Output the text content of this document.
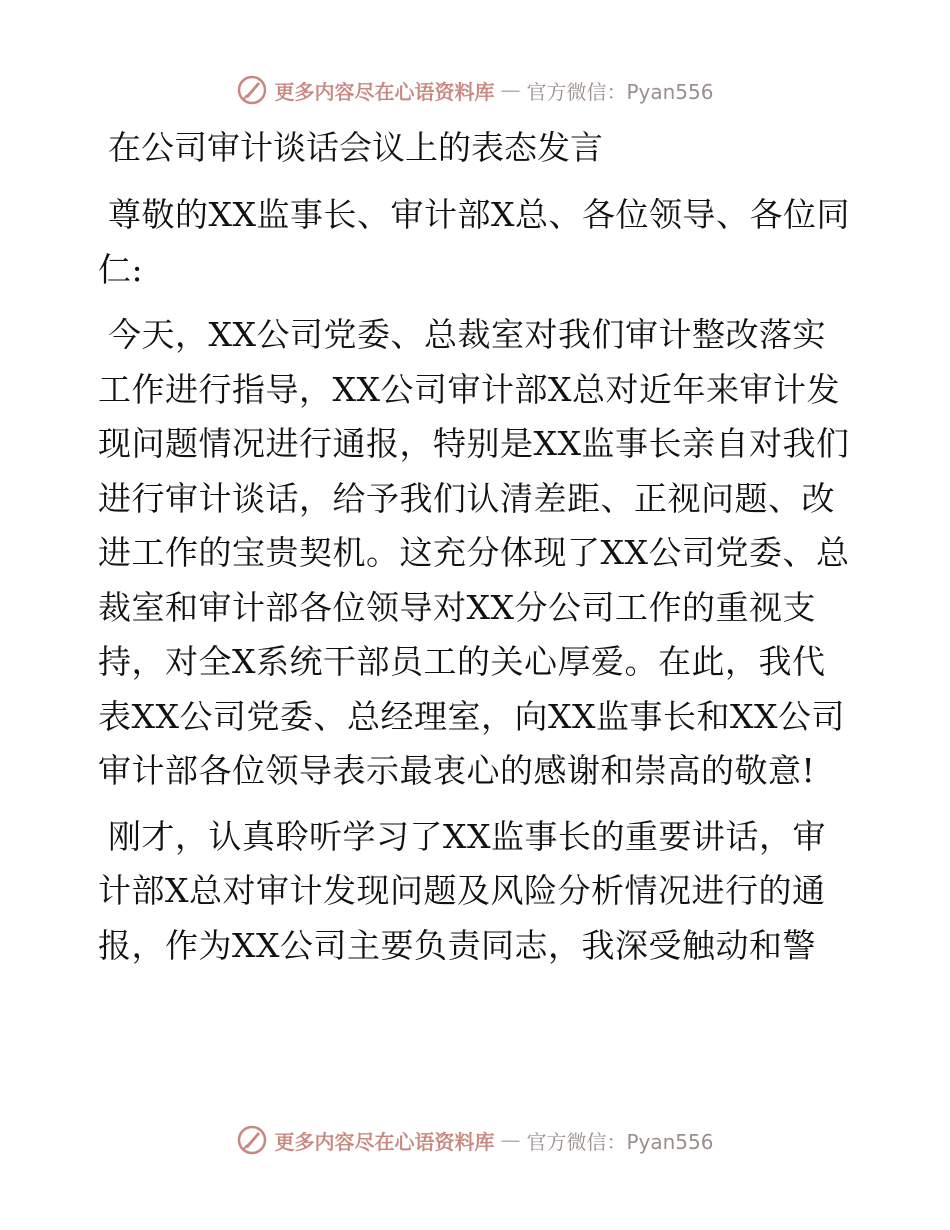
更多内容尽在心语资料库 — 官方微信：Pyan556
在公司审计谈话会议上的表态发言

尊敬的XX监事长、审计部X总、各位领导、各位同仁:

今天，XX公司党委、总裁室对我们审计整改落实工作进行指导，XX公司审计部X总对近年来审计发现问题情况进行通报，特别是XX监事长亲自对我们进行审计谈话，给予我们认清差距、正视问题、改进工作的宝贵契机。这充分体现了XX公司党委、总裁室和审计部各位领导对XX分公司工作的重视支持，对全X系统干部员工的关心厚爱。在此，我代表XX公司党委、总经理室，向XX监事长和XX公司审计部各位领导表示最衷心的感谢和崇高的敬意!

刚才，认真聆听学习了XX监事长的重要讲话，审计部X总对审计发现问题及风险分析情况进行的通报，作为XX公司主要负责同志，我深受触动和警

更多内容尽在心语资料库 — 官方微信：Pyan556
